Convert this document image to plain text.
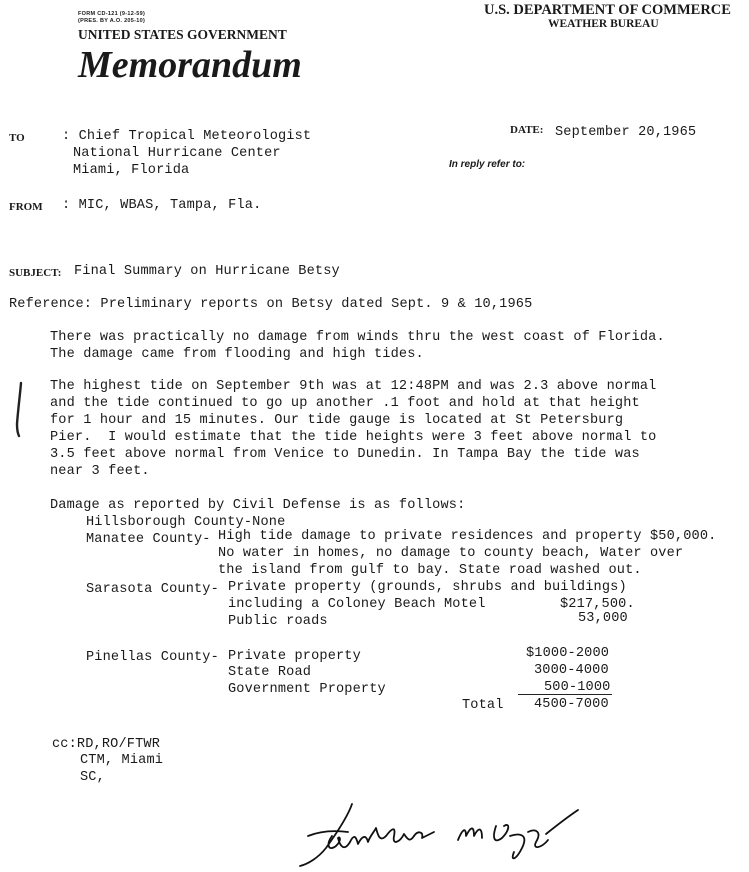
FORM CD-121 (9-12-59)
(PRES. BY A.O. 205-10)
UNITED STATES GOVERNMENT
Memorandum
U.S. DEPARTMENT OF COMMERCE
WEATHER BUREAU
TO	: Chief Tropical Meteorologist
National Hurricane Center
Miami, Florida
DATE: September 20,1965
In reply refer to:
FROM : MIC, WBAS, Tampa, Fla.
SUBJECT: Final Summary on Hurricane Betsy
Reference: Preliminary reports on Betsy dated Sept. 9 & 10,1965
There was practically no damage from winds thru the west coast of Florida.
The damage came from flooding and high tides.
The highest tide on September 9th was at 12:48PM and was 2.3 above normal
and the tide continued to go up another .1 foot and hold at that height
for 1 hour and 15 minutes. Our tide gauge is located at St Petersburg
Pier.  I would estimate that the tide heights were 3 feet above normal to
3.5 feet above normal from Venice to Dunedin. In Tampa Bay the tide was
near 3 feet.
Damage as reported by Civil Defense is as follows:
Hillsborough County-None
Manatee County- High tide damage to private residences and property $50,000.
No water in homes, no damage to county beach, Water over
the island from gulf to bay. State road washed out.
Sarasota County- Private property (grounds, shrubs and buildings)
including a Coloney Beach Motel	$217,500.
Public roads	53,000
Pinellas County- Private property	$1000-2000
State Road	3000-4000
Government Property	500-1000
Total 4500-7000
cc:RD,RO/FTWR
CTM, Miami
SC,
